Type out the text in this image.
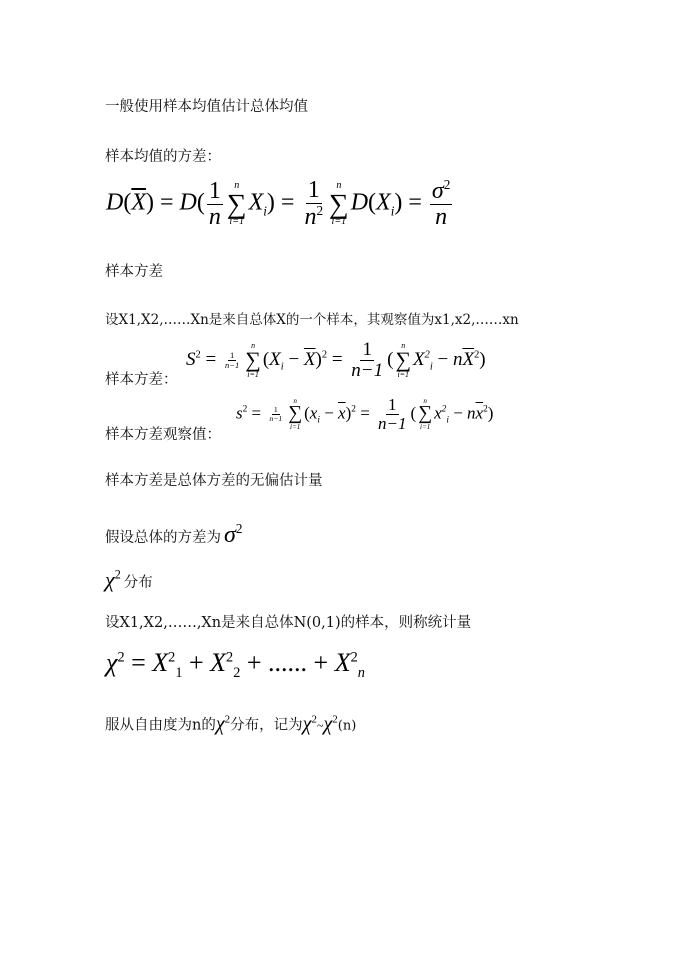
一般使用样本均值估计总体均值

样本均值的方差：

$D(\overline{X}) = D( \frac{1}{n}$ n
∑
i=1
$X_i) = \frac{1}{n^2}$ n
∑
i=1
$D(X_i) = \frac{\sigma^2}{n}$

样本方差

设X1,X2,……Xn是来自总体X的一个样本，其观察值为x1,x2,……xn

样本方差：

$S^2 = \frac{1}{n-1}$
n
∑
i=1
$(X_i - \overline{X})^2 = \frac{1}{n-1}$ (
n
∑
i=1
$X^2_i - n\overline{X}^2$)

样本方差观察值：

$s^2 = \frac{1}{n-1}$
n
∑
i=1
$(x_i - \overline{x})^2 = \frac{1}{n-1}$ (
n
∑
i=1
$x^2_i - n\overline{x}^2$)

样本方差是总体方差的无偏估计量

假设总体的方差为 $\sigma^2$

$\chi^2$分布

设X1,X2,……,Xn是来自总体N(0,1)的样本，则称统计量

$\chi^2 = X^2_1 + X^2_2$ + ...... + $X^2_n$

服从自由度为n的$\chi^2$分布，记为$\chi^2\sim\chi^2(n)$
